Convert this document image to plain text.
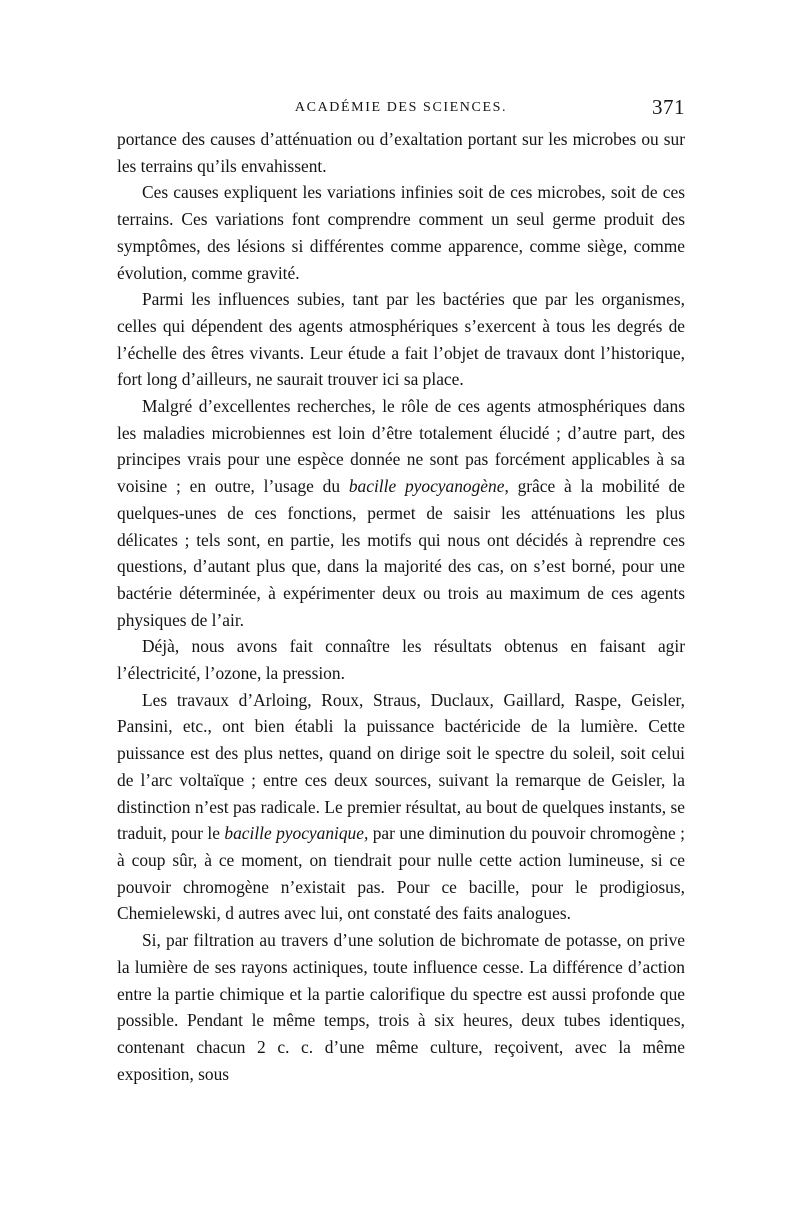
ACADÉMIE DES SCIENCES.	371

portance des causes d’atténuation ou d’exaltation portant sur les microbes ou sur les terrains qu’ils envahissent.

Ces causes expliquent les variations infinies soit de ces microbes, soit de ces terrains. Ces variations font comprendre comment un seul germe produit des symptômes, des lésions si différentes comme apparence, comme siège, comme évolution, comme gravité.

Parmi les influences subies, tant par les bactéries que par les organismes, celles qui dépendent des agents atmosphériques s’exercent à tous les degrés de l’échelle des êtres vivants. Leur étude a fait l’objet de travaux dont l’historique, fort long d’ailleurs, ne saurait trouver ici sa place.

Malgré d’excellentes recherches, le rôle de ces agents atmosphériques dans les maladies microbiennes est loin d’être totalement élucidé ; d’autre part, des principes vrais pour une espèce donnée ne sont pas forcément applicables à sa voisine ; en outre, l’usage du bacille pyocyanogène, grâce à la mobilité de quelques-unes de ces fonctions, permet de saisir les atténuations les plus délicates ; tels sont, en partie, les motifs qui nous ont décidés à reprendre ces questions, d’autant plus que, dans la majorité des cas, on s’est borné, pour une bactérie déterminée, à expérimenter deux ou trois au maximum de ces agents physiques de l’air.

Déjà, nous avons fait connaître les résultats obtenus en faisant agir l’électricité, l’ozone, la pression.

Les travaux d’Arloing, Roux, Straus, Duclaux, Gaillard, Raspe, Geisler, Pansini, etc., ont bien établi la puissance bactéricide de la lumière. Cette puissance est des plus nettes, quand on dirige soit le spectre du soleil, soit celui de l’arc voltaïque ; entre ces deux sources, suivant la remarque de Geisler, la distinction n’est pas radicale. Le premier résultat, au bout de quelques instants, se traduit, pour le bacille pyocyanique, par une diminution du pouvoir chromogène ; à coup sûr, à ce moment, on tiendrait pour nulle cette action lumineuse, si ce pouvoir chromogène n’existait pas. Pour ce bacille, pour le prodigiosus, Chemielewski, d autres avec lui, ont constaté des faits analogues.

Si, par filtration au travers d’une solution de bichromate de potasse, on prive la lumière de ses rayons actiniques, toute influence cesse. La différence d’action entre la partie chimique et la partie calorifique du spectre est aussi profonde que possible. Pendant le même temps, trois à six heures, deux tubes identiques, contenant chacun 2 c. c. d’une même culture, reçoivent, avec la même exposition, sous
